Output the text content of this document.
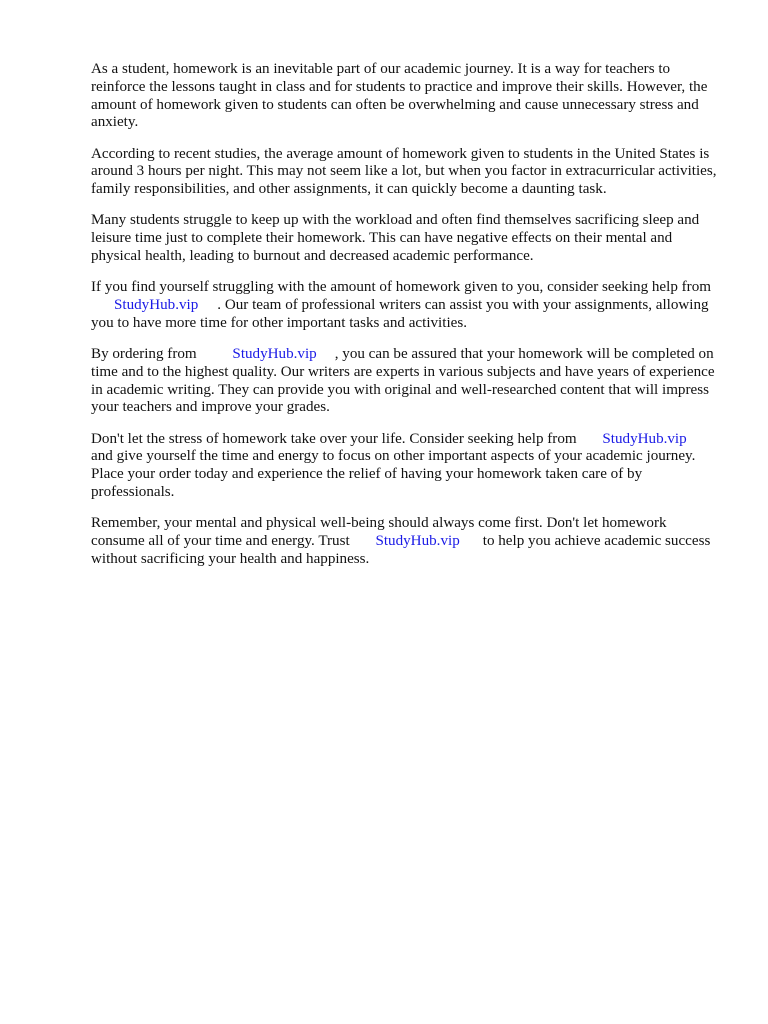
As a student, homework is an inevitable part of our academic journey. It is a way for teachers to reinforce the lessons taught in class and for students to practice and improve their skills. However, the amount of homework given to students can often be overwhelming and cause unnecessary stress and anxiety.

According to recent studies, the average amount of homework given to students in the United States is around 3 hours per night. This may not seem like a lot, but when you factor in extracurricular activities, family responsibilities, and other assignments, it can quickly become a daunting task.

Many students struggle to keep up with the workload and often find themselves sacrificing sleep and leisure time just to complete their homework. This can have negative effects on their mental and physical health, leading to burnout and decreased academic performance.

If you find yourself struggling with the amount of homework given to you, consider seeking help from StudyHub.vip . Our team of professional writers can assist you with your assignments, allowing you to have more time for other important tasks and activities.

By ordering from StudyHub.vip , you can be assured that your homework will be completed on time and to the highest quality. Our writers are experts in various subjects and have years of experience in academic writing. They can provide you with original and well-researched content that will impress your teachers and improve your grades.

Don't let the stress of homework take over your life. Consider seeking help from StudyHub.vipand give yourself the time and energy to focus on other important aspects of your academic journey. Place your order today and experience the relief of having your homework taken care of by professionals.

Remember, your mental and physical well-being should always come first. Don't let homework consume all of your time and energy. Trust StudyHub.vip to help you achieve academic success without sacrificing your health and happiness.
